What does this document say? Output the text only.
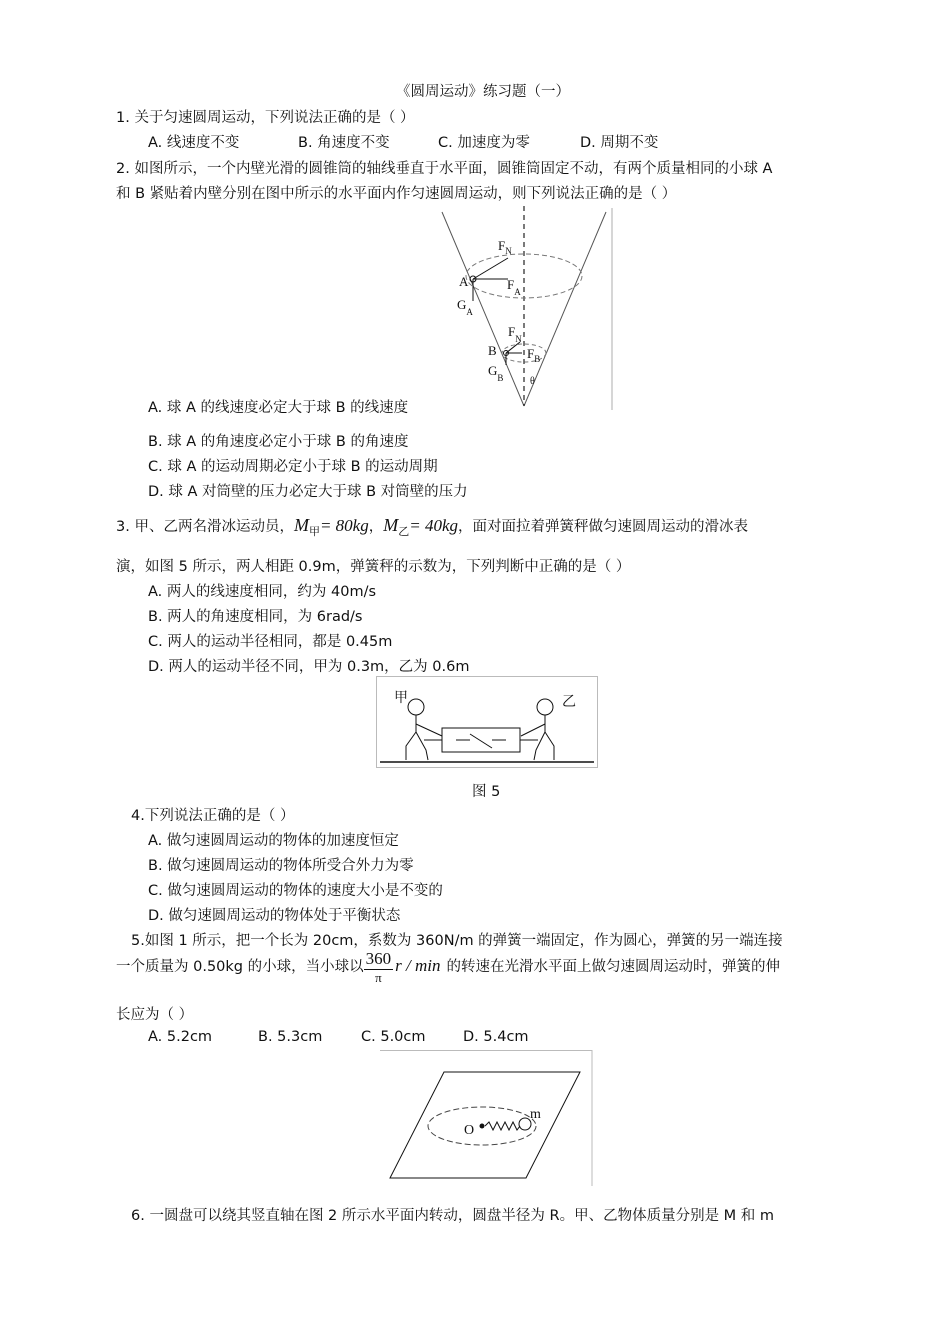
《圆周运动》练习题（一）
1. 关于匀速圆周运动，下列说法正确的是（ ）
A. 线速度不变	B. 角速度不变	C. 加速度为零	D. 周期不变
2. 如图所示，一个内壁光滑的圆锥筒的轴线垂直于水平面，圆锥筒固定不动，有两个质量相同的小球 A
和 B 紧贴着内壁分别在图中所示的水平面内作匀速圆周运动，则下列说法正确的是（ ）
$F_N$
A	$F_A$
$G_A$
$F_N$
B $F_B$
$G_B$	θ
A. 球 A 的线速度必定大于球 B 的线速度
B. 球 A 的角速度必定小于球 B 的角速度
C. 球 A 的运动周期必定小于球 B 的运动周期
D. 球 A 对筒壁的压力必定大于球 B 对筒壁的压力
3. 甲、乙两名滑冰运动员，$M_甲= 80kg$，$M_乙= 40kg$，面对面拉着弹簧秤做匀速圆周运动的滑冰表
演，如图 5 所示，两人相距 0.9m，弹簧秤的示数为，下列判断中正确的是（ ）
A. 两人的线速度相同，约为 40m/s
B. 两人的角速度相同，为 6rad/s
C. 两人的运动半径相同，都是 0.45m
D. 两人的运动半径不同，甲为 0.3m，乙为 0.6m
甲	乙
图 5
4.下列说法正确的是（ ）
A. 做匀速圆周运动的物体的加速度恒定
B. 做匀速圆周运动的物体所受合外力为零
C. 做匀速圆周运动的物体的速度大小是不变的
D. 做匀速圆周运动的物体处于平衡状态
5.如图 1 所示，把一个长为 20cm，系数为 360N/m 的弹簧一端固定，作为圆心，弹簧的另一端连接
一个质量为 0.50kg 的小球，当小球以 $\frac{360}{\pi}$ r / min 的转速在光滑水平面上做匀速圆周运动时，弹簧的伸
长应为（ ）
A. 5.2cm	B. 5.3cm	C. 5.0cm	D. 5.4cm
O
m
6. 一圆盘可以绕其竖直轴在图 2 所示水平面内转动，圆盘半径为 R。甲、乙物体质量分别是 M 和 m
